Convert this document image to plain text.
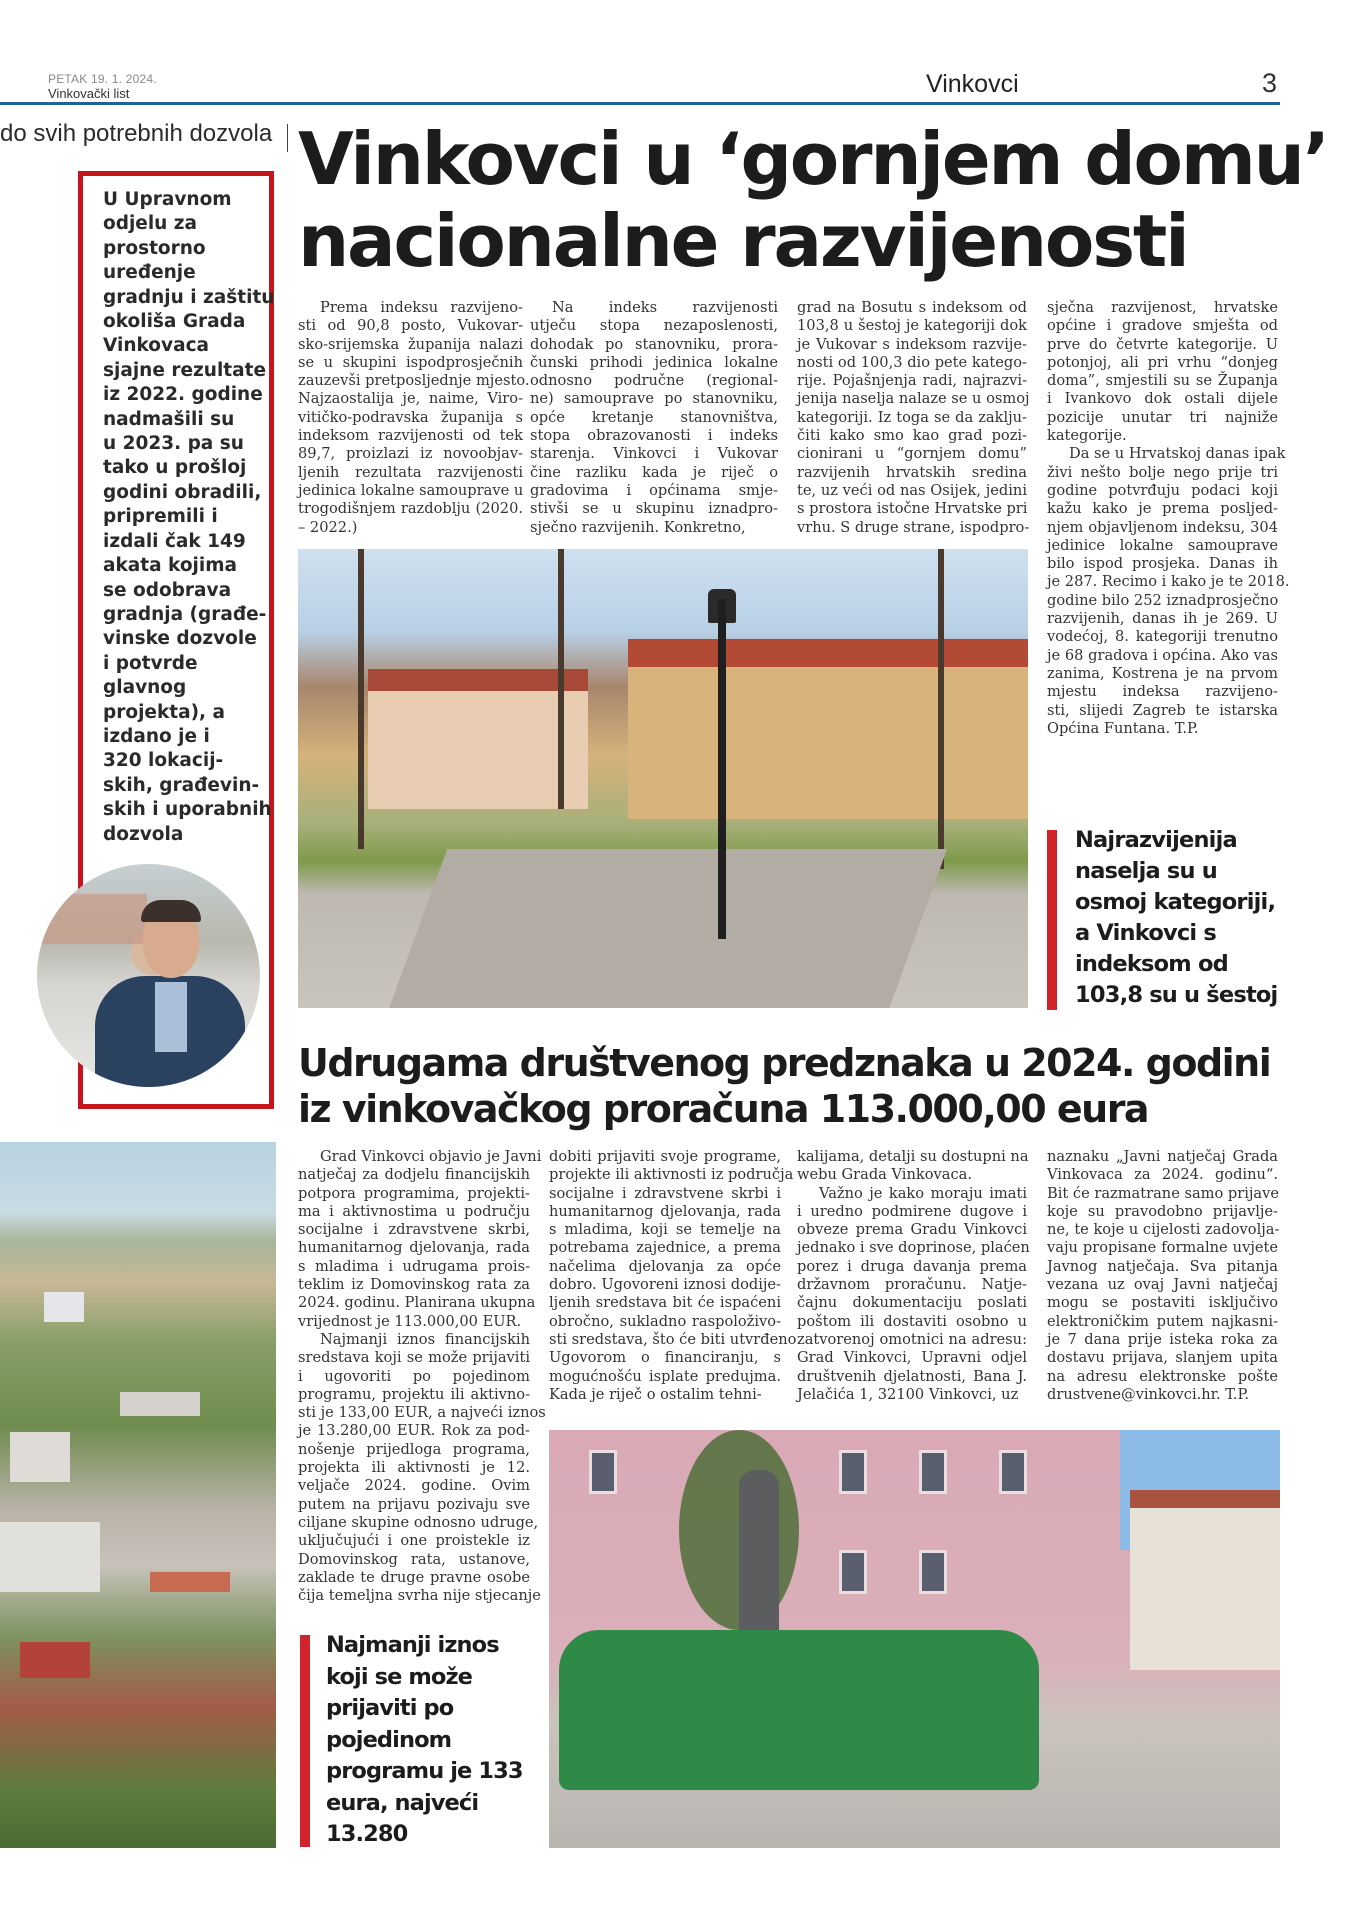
PETAK 19. 1. 2024.
Vinkovački list	Vinkovci	3
do svih potrebnih dozvola
U Upravnom
odjelu za
prostorno
uređenje
gradnju i zaštitu
okoliša Grada
Vinkovaca
sjajne rezultate
iz 2022. godine
nadmašili su
u 2023. pa su
tako u prošloj
godini obradili,
pripremili i
izdali čak 149
akata kojima
se odobrava
gradnja (građe-
vinske dozvole
i potvrde
glavnog
projekta), a
izdano je i
320 lokacij-
skih, građevin-
skih i uporabnih
dozvola
Vinkovci u ‘gornjem domu’
nacionalne razvijenosti
Prema indeksu razvijeno-
sti od 90,8 posto, Vukovar-
sko-srijemska županija nalazi
se u skupini ispodprosječnih
zauzevši pretposljednje mjesto.
Najzaostalija je, naime, Viro-
vitičko-podravska županija s
indeksom razvijenosti od tek
89,7, proizlazi iz novoobjav-
ljenih rezultata razvijenosti
jedinica lokalne samouprave u
trogodišnjem razdoblju (2020.
– 2022.)
Na indeks razvijenosti
utječu stopa nezaposlenosti,
dohodak po stanovniku, prora-
čunski prihodi jedinica lokalne
odnosno područne (regional-
ne) samouprave po stanovniku,
opće kretanje stanovništva,
stopa obrazovanosti i indeks
starenja. Vinkovci i Vukovar
čine razliku kada je riječ o
gradovima i općinama smje-
stivši se u skupinu iznadpro-
sječno razvijenih. Konkretno,
grad na Bosutu s indeksom od
103,8 u šestoj je kategoriji dok
je Vukovar s indeksom razvije-
nosti od 100,3 dio pete katego-
rije. Pojašnjenja radi, najrazvi-
jenija naselja nalaze se u osmoj
kategoriji. Iz toga se da zaklju-
čiti kako smo kao grad pozi-
cionirani u “gornjem domu”
razvijenih hrvatskih sredina
te, uz veći od nas Osijek, jedini
s prostora istočne Hrvatske pri
vrhu. S druge strane, ispodpro-
sječna razvijenost, hrvatske
općine i gradove smješta od
prve do četvrte kategorije. U
potonjoj, ali pri vrhu “donjeg
doma”, smjestili su se Županja
i Ivankovo dok ostali dijele
pozicije unutar tri najniže
kategorije.
Da se u Hrvatskoj danas ipak
živi nešto bolje nego prije tri
godine potvrđuju podaci koji
kažu kako je prema posljed-
njem objavljenom indeksu, 304
jedinice lokalne samouprave
bilo ispod prosjeka. Danas ih
je 287. Recimo i kako je te 2018.
godine bilo 252 iznadprosječno
razvijenih, danas ih je 269. U
vodećoj, 8. kategoriji trenutno
je 68 gradova i općina. Ako vas
zanima, Kostrena je na prvom
mjestu indeksa razvijeno-
sti, slijedi Zagreb te istarska
Općina Funtana. T.P.
Najrazvijenija
naselja su u
osmoj kategoriji,
a Vinkovci s
indeksom od
103,8 su u šestoj
Udrugama društvenog predznaka u 2024. godini
iz vinkovačkog proračuna 113.000,00 eura
Grad Vinkovci objavio je Javni
natječaj za dodjelu financijskih
potpora programima, projekti-
ma i aktivnostima u području
socijalne i zdravstvene skrbi,
humanitarnog djelovanja, rada
s mladima i udrugama prois-
teklim iz Domovinskog rata za
2024. godinu. Planirana ukupna
vrijednost je 113.000,00 EUR.
Najmanji iznos financijskih
sredstava koji se može prijaviti
i ugovoriti po pojedinom
programu, projektu ili aktivno-
sti je 133,00 EUR, a najveći iznos
je 13.280,00 EUR. Rok za pod-
nošenje prijedloga programa,
projekta ili aktivnosti je 12.
veljače 2024. godine. Ovim
putem na prijavu pozivaju sve
ciljane skupine odnosno udruge,
uključujući i one proistekle iz
Domovinskog rata, ustanove,
zaklade te druge pravne osobe
čija temeljna svrha nije stjecanje
dobiti prijaviti svoje programe,
projekte ili aktivnosti iz područja
socijalne i zdravstvene skrbi i
humanitarnog djelovanja, rada
s mladima, koji se temelje na
potrebama zajednice, a prema
načelima djelovanja za opće
dobro. Ugovoreni iznosi dodije-
ljenih sredstava bit će ispaćeni
obročno, sukladno raspoloživo-
sti sredstava, što će biti utvrđeno
Ugovorom o financiranju, s
mogućnošću isplate predujma.
Kada je riječ o ostalim tehni-
kalijama, detalji su dostupni na
webu Grada Vinkovaca.
Važno je kako moraju imati
i uredno podmirene dugove i
obveze prema Gradu Vinkovci
jednako i sve doprinose, plaćen
porez i druga davanja prema
državnom proračunu. Natje-
čajnu dokumentaciju poslati
poštom ili dostaviti osobno u
zatvorenoj omotnici na adresu:
Grad Vinkovci, Upravni odjel
društvenih djelatnosti, Bana J.
Jelačića 1, 32100 Vinkovci, uz
naznaku „Javni natječaj Grada
Vinkovaca za 2024. godinu“.
Bit će razmatrane samo prijave
koje su pravodobno prijavlje-
ne, te koje u cijelosti zadovolja-
vaju propisane formalne uvjete
Javnog natječaja. Sva pitanja
vezana uz ovaj Javni natječaj
mogu se postaviti isključivo
elektroničkim putem najkasni-
je 7 dana prije isteka roka za
dostavu prijava, slanjem upita
na adresu elektronske pošte
drustvene@vinkovci.hr. T.P.
Najmanji iznos
koji se može
prijaviti po
pojedinom
programu je 133
eura, najveći
13.280
